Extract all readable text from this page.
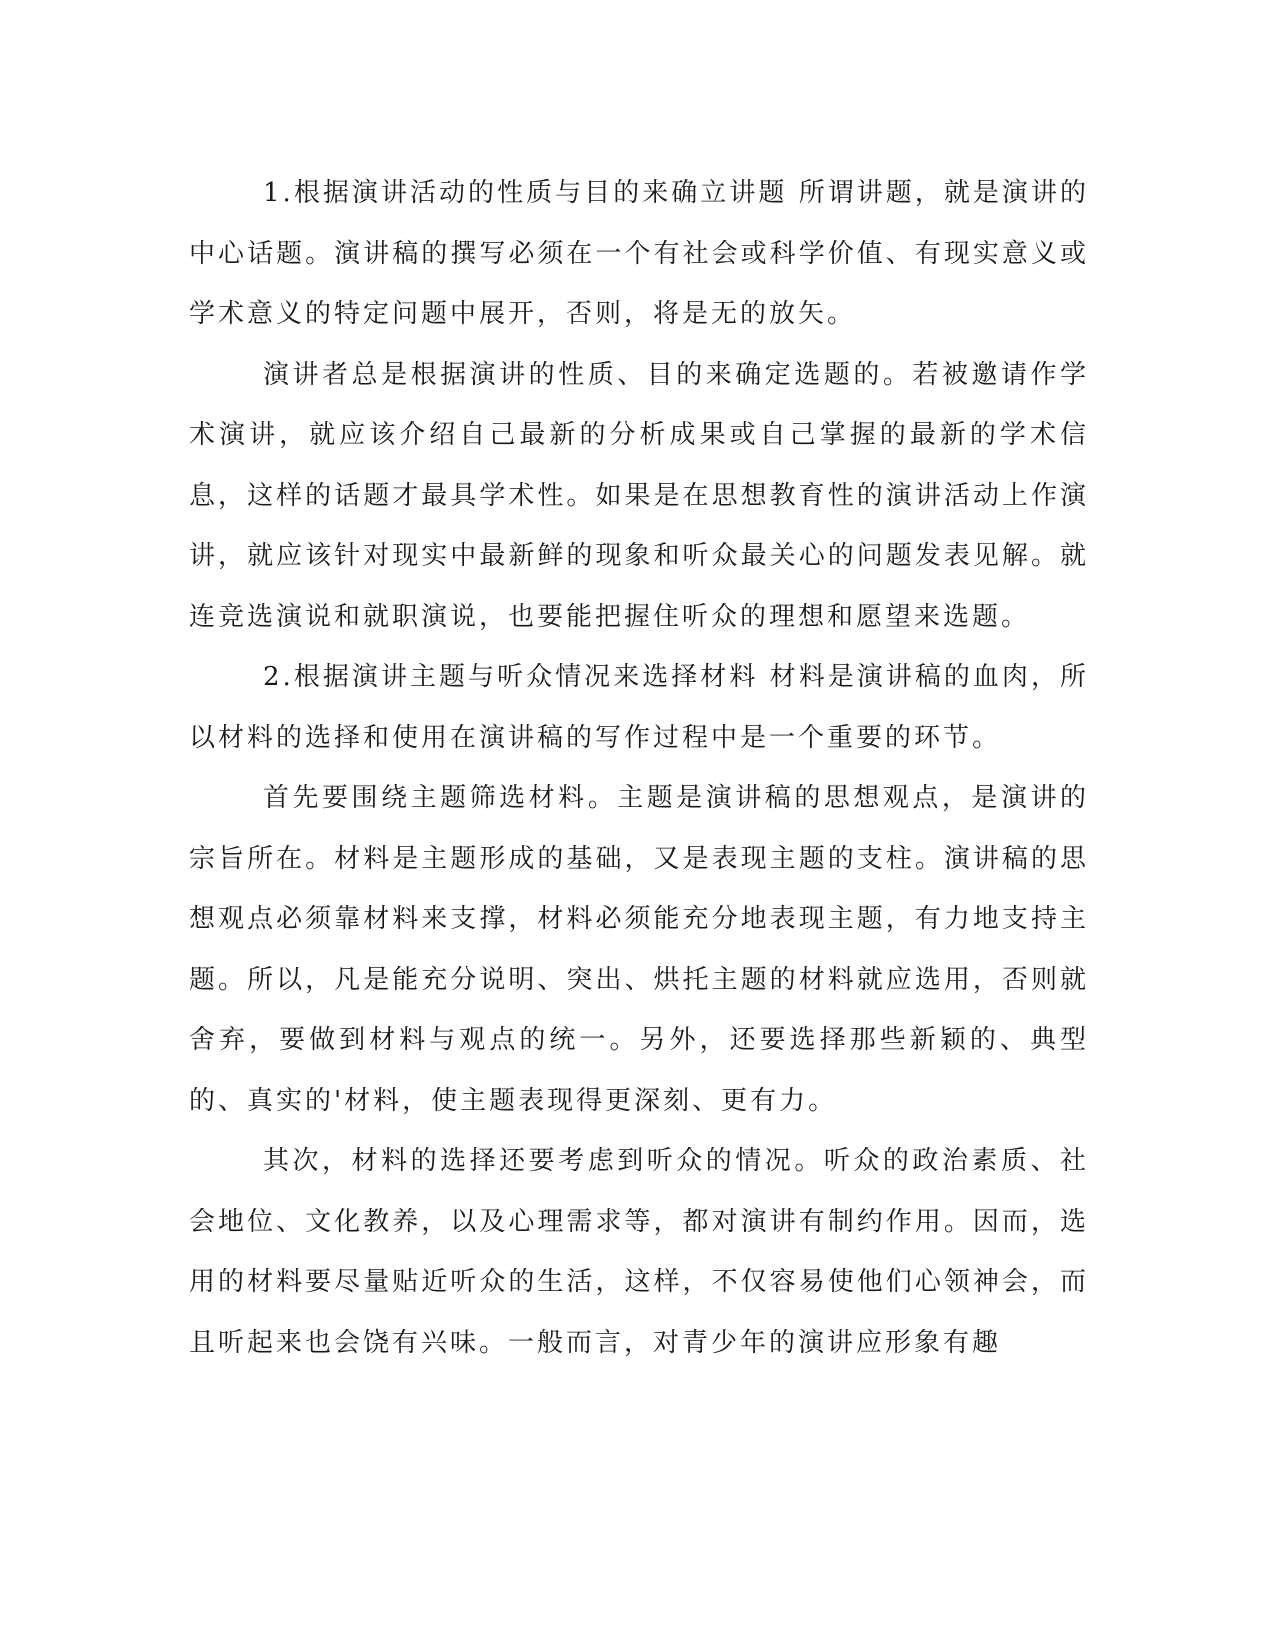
1.根据演讲活动的性质与目的来确立讲题 所谓讲题，就是演讲的中心话题。演讲稿的撰写必须在一个有社会或科学价值、有现实意义或学术意义的特定问题中展开，否则，将是无的放矢。

演讲者总是根据演讲的性质、目的来确定选题的。若被邀请作学术演讲，就应该介绍自己最新的分析成果或自己掌握的最新的学术信息，这样的话题才最具学术性。如果是在思想教育性的演讲活动上作演讲，就应该针对现实中最新鲜的现象和听众最关心的问题发表见解。就连竞选演说和就职演说，也要能把握住听众的理想和愿望来选题。

2.根据演讲主题与听众情况来选择材料 材料是演讲稿的血肉，所以材料的选择和使用在演讲稿的写作过程中是一个重要的环节。

首先要围绕主题筛选材料。主题是演讲稿的思想观点，是演讲的宗旨所在。材料是主题形成的基础，又是表现主题的支柱。演讲稿的思想观点必须靠材料来支撑，材料必须能充分地表现主题，有力地支持主题。所以，凡是能充分说明、突出、烘托主题的材料就应选用，否则就舍弃，要做到材料与观点的统一。另外，还要选择那些新颖的、典型的、真实的'材料，使主题表现得更深刻、更有力。

其次，材料的选择还要考虑到听众的情况。听众的政治素质、社会地位、文化教养，以及心理需求等，都对演讲有制约作用。因而，选用的材料要尽量贴近听众的生活，这样，不仅容易使他们心领神会，而且听起来也会饶有兴味。一般而言，对青少年的演讲应形象有趣
